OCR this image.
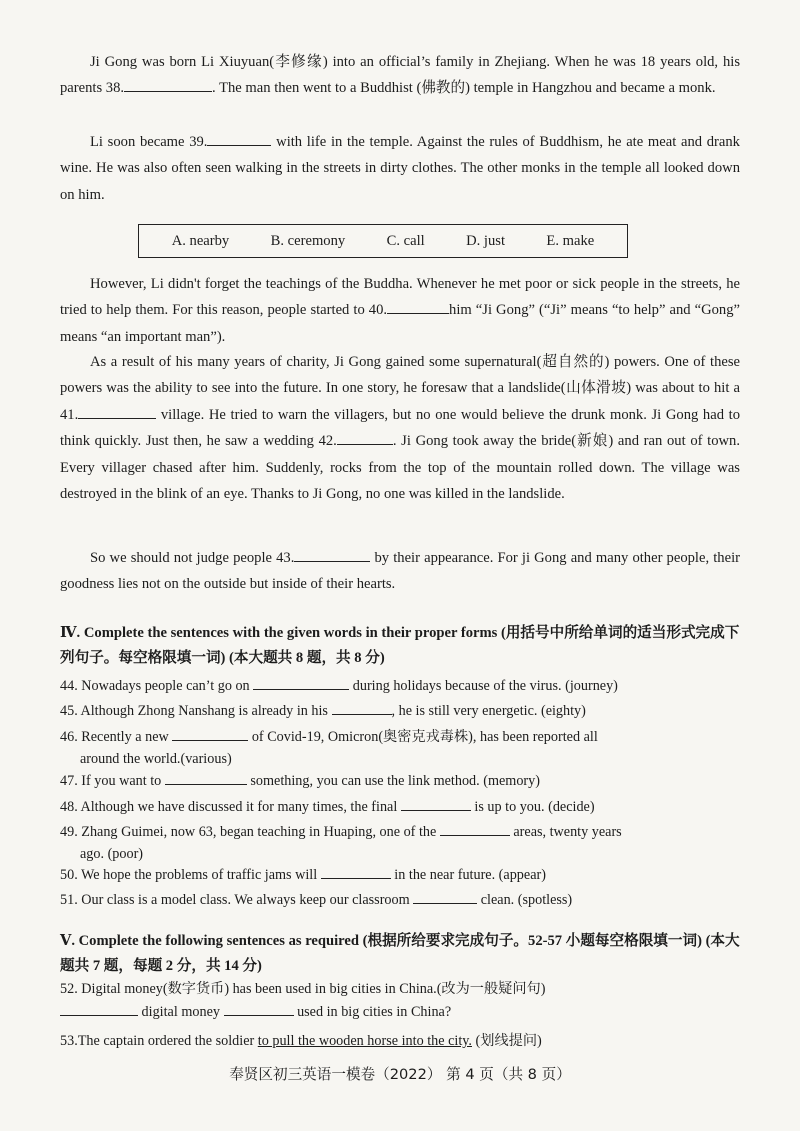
Ji Gong was born Li Xiuyuan(李修缘) into an official’s family in Zhejiang. When he was 18 years old, his parents 38.	. The man then went to a Buddhist (佛教的) temple in Hangzhou and became a monk.

Li soon became 39.	with life in the temple. Against the rules of Buddhism, he ate meat and drank wine. He was also often seen walking in the streets in dirty clothes. The other monks in the temple all looked down on him.

A. nearby	B. ceremony	C. call	D. just	E. make

However, Li didn't forget the teachings of the Buddha. Whenever he met poor or sick people in the streets, he tried to help them. For this reason, people started to 40.	him “Ji Gong” (“Ji” means “to help” and “Gong” means “an important man”).

As a result of his many years of charity, Ji Gong gained some supernatural(超自然的) powers. One of these powers was the ability to see into the future. In one story, he foresaw that a landslide(山体滑坡) was about to hit a 41.	village. He tried to warn the villagers, but no one would believe the drunk monk. Ji Gong had to think quickly. Just then, he saw a wedding 42.	. Ji Gong took away the bride(新娘) and ran out of town. Every villager chased after him. Suddenly, rocks from the top of the mountain rolled down. The village was destroyed in the blink of an eye. Thanks to Ji Gong, no one was killed in the landslide.

So we should not judge people 43.	by their appearance. For ji Gong and many other people, their goodness lies not on the outside but inside of their hearts.

Ⅳ. Complete the sentences with the given words in their proper forms (用括号中所给单词的适当形式完成下列句子。每空格限填一词) (本大题共 8 题，共 8 分)

44. Nowadays people can’t go on	during holidays because of the virus. (journey)

45. Although Zhong Nanshang is already in his	, he is still very energetic. (eighty)

46. Recently a new	of Covid-19, Omicron(奥密克戎毒株), has been reported all
around the world.(various)

47. If you want to	something, you can use the link method. (memory)

48. Although we have discussed it for many times, the final	is up to you. (decide)

49. Zhang Guimei, now 63, began teaching in Huaping, one of the	areas, twenty years
ago. (poor)

50. We hope the problems of traffic jams will	in the near future. (appear)

51. Our class is a model class. We always keep our classroom	clean. (spotless)

Ⅴ. Complete the following sentences as required (根据所给要求完成句子。52-57 小题每空格限填一词) (本大题共 7 题，每题 2 分，共 14 分)

52. Digital money(数字货币) has been used in big cities in China.(改为一般疑问句)

digital money	used in big cities in China?

53.The captain ordered the soldier to pull the wooden horse into the city. (划线提问)

奉贤区初三英语一模卷（2022） 第 4 页（共 8 页）
